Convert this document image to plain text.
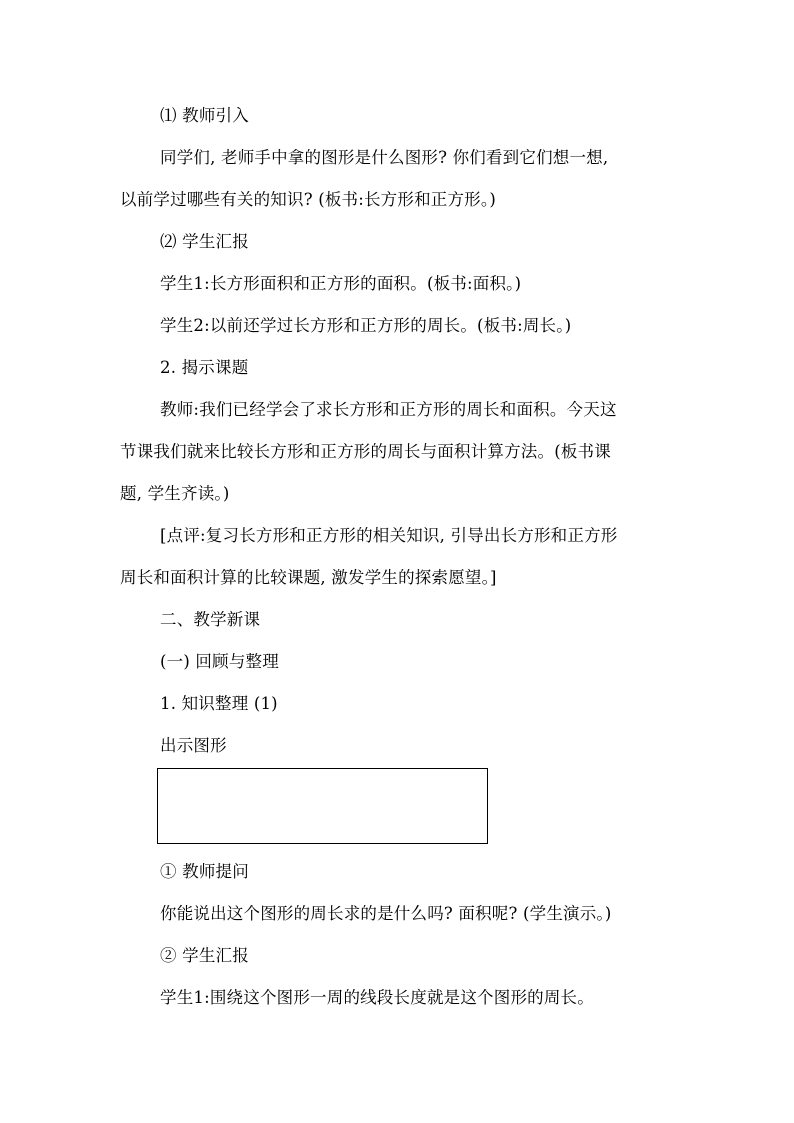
⑴ 教师引入
同学们, 老师手中拿的图形是什么图形? 你们看到它们想一想,
以前学过哪些有关的知识? (板书:长方形和正方形。)
⑵ 学生汇报
学生1:长方形面积和正方形的面积。(板书:面积。)
学生2:以前还学过长方形和正方形的周长。(板书:周长。)
2. 揭示课题
教师:我们已经学会了求长方形和正方形的周长和面积。今天这
节课我们就来比较长方形和正方形的周长与面积计算方法。(板书课
题, 学生齐读。)
[点评:复习长方形和正方形的相关知识, 引导出长方形和正方形
周长和面积计算的比较课题, 激发学生的探索愿望。]
二、教学新课
(一) 回顾与整理
1. 知识整理 (1)
出示图形
① 教师提问
你能说出这个图形的周长求的是什么吗? 面积呢? (学生演示。)
② 学生汇报
学生1:围绕这个图形一周的线段长度就是这个图形的周长。
